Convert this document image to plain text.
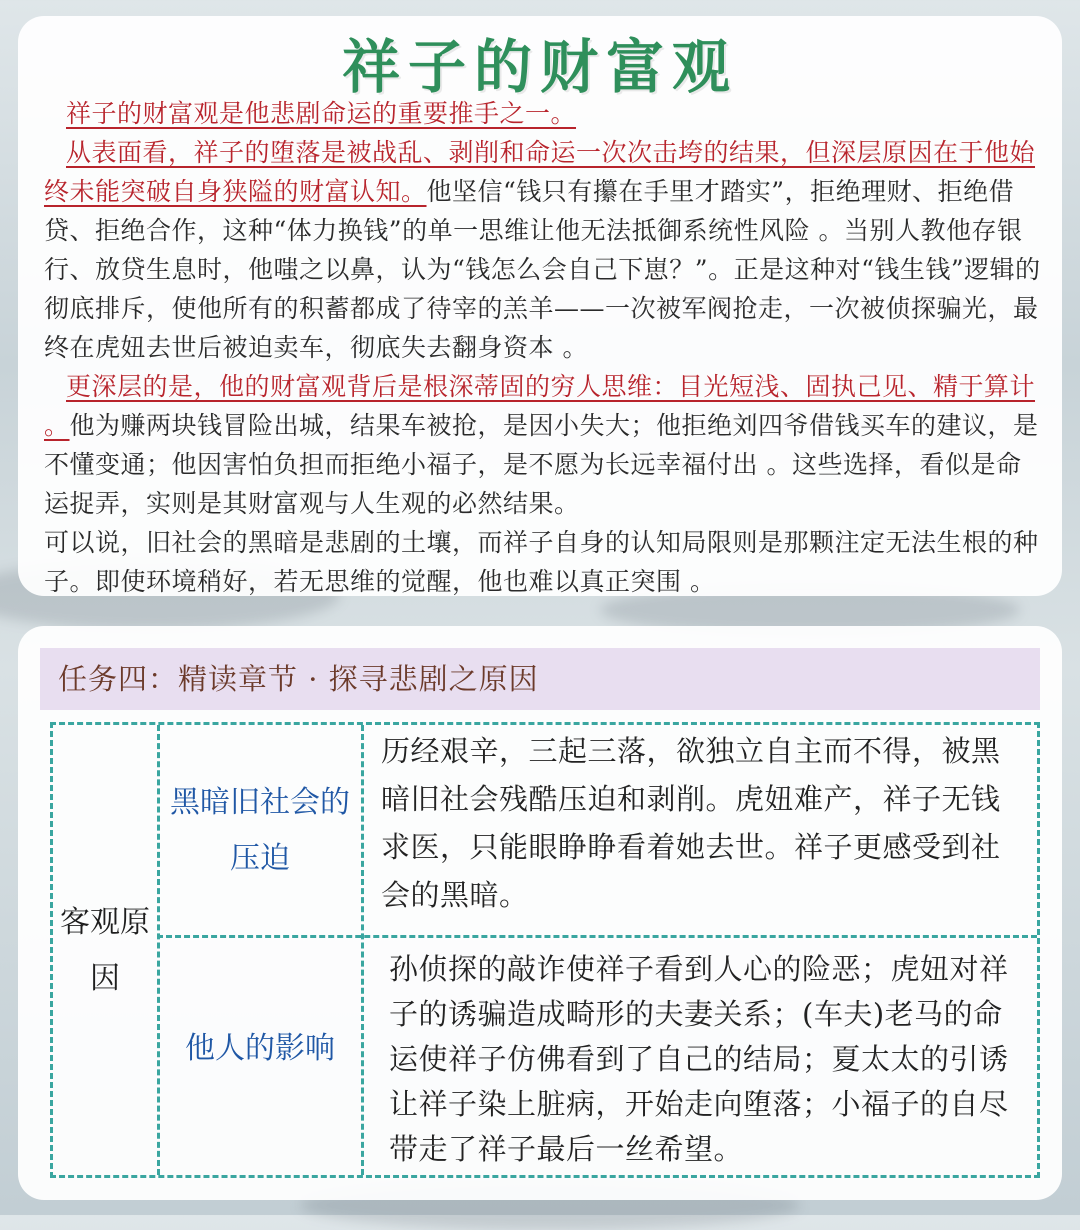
祥子的财富观
祥子的财富观是他悲剧命运的重要推手之一。
从表面看，祥子的堕落是被战乱、剥削和命运一次次击垮的结果，但深层原因在于他始终未能突破自身狭隘的财富认知。他坚信“钱只有攥在手里才踏实”，拒绝理财、拒绝借贷、拒绝合作，这种“体力换钱”的单一思维让他无法抵御系统性风险 。当别人教他存银行、放贷生息时，他嗤之以鼻，认为“钱怎么会自己下崽？”。正是这种对“钱生钱”逻辑的彻底排斥，使他所有的积蓄都成了待宰的羔羊——一次被军阀抢走，一次被侦探骗光，最终在虎妞去世后被迫卖车，彻底失去翻身资本 。
更深层的是，他的财富观背后是根深蒂固的穷人思维：目光短浅、固执己见、精于算计 。他为赚两块钱冒险出城，结果车被抢，是因小失大；他拒绝刘四爷借钱买车的建议，是不懂变通；他因害怕负担而拒绝小福子，是不愿为长远幸福付出 。这些选择，看似是命运捉弄，实则是其财富观与人生观的必然结果。
可以说，旧社会的黑暗是悲剧的土壤，而祥子自身的认知局限则是那颗注定无法生根的种子。即使环境稍好，若无思维的觉醒，他也难以真正突围 。
任务四：精读章节 · 探寻悲剧之原因
客观原因
黑暗旧社会的压迫
历经艰辛，三起三落，欲独立自主而不得，被黑暗旧社会残酷压迫和剥削。虎妞难产，祥子无钱求医，只能眼睁睁看着她去世。祥子更感受到社会的黑暗。
他人的影响
孙侦探的敲诈使祥子看到人心的险恶；虎妞对祥子的诱骗造成畸形的夫妻关系；(车夫)老马的命运使祥子仿佛看到了自己的结局；夏太太的引诱让祥子染上脏病，开始走向堕落；小福子的自尽带走了祥子最后一丝希望。
